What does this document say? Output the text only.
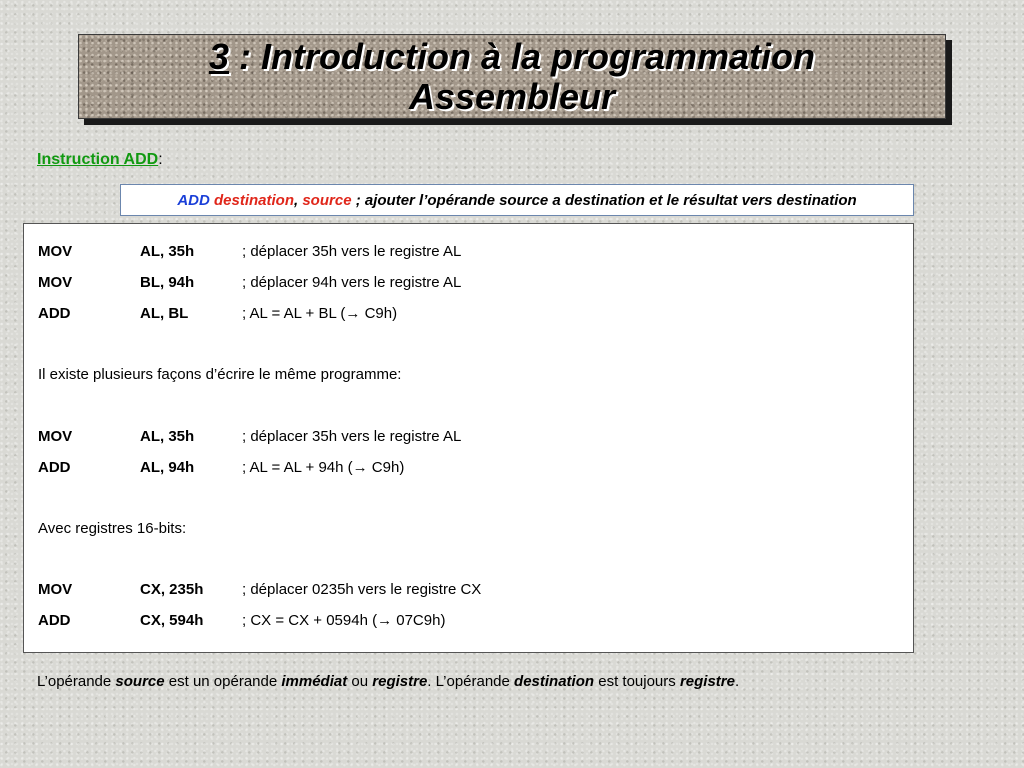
3 : Introduction à la programmation
Assembleur
Instruction ADD:
ADD
destination ,
source
; ajouter l’opérande source a destination et le résultat vers destination
MOV	AL, 35h	; déplacer 35h vers le registre AL
MOV	BL, 94h	; déplacer 94h vers le registre AL
ADD	AL, BL	; AL = AL + BL (→ C9h)
Il existe plusieurs façons d’écrire le même programme:
MOV	AL, 35h	; déplacer 35h vers le registre AL
ADD	AL, 94h	; AL = AL + 94h (→ C9h)
Avec registres 16-bits:
MOV	CX, 235h	; déplacer 0235h vers le registre CX
ADD	CX, 594h	; CX = CX + 0594h (→ 07C9h)
L’opérande source est un opérande immédiat ou registre. L’opérande destination est toujours registre.
